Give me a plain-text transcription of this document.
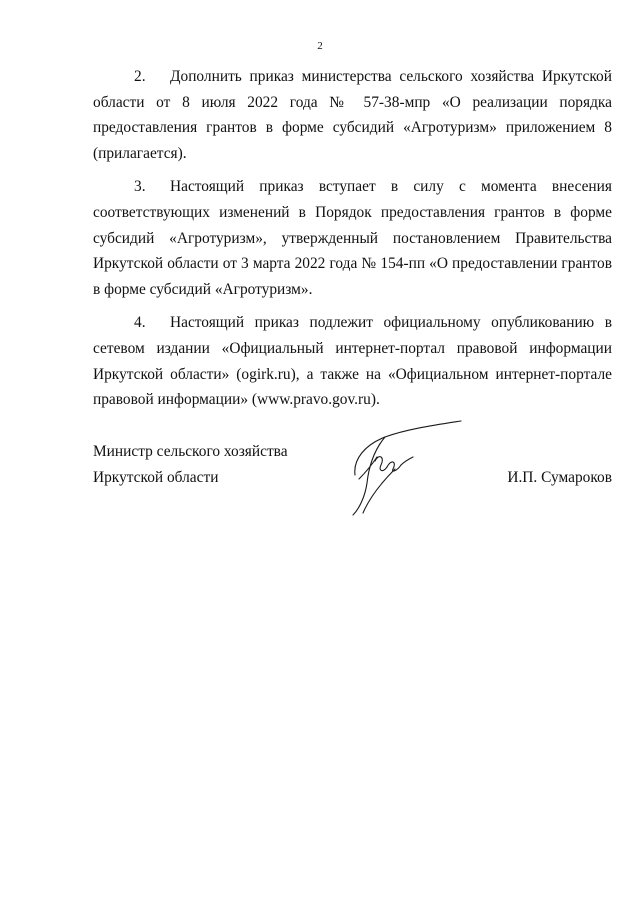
2

2. Дополнить приказ министерства сельского хозяйства Иркутской области от 8 июля 2022 года № 57-38-мпр «О реализации порядка предоставления грантов в форме субсидий «Агротуризм» приложением 8 (прилагается).

3. Настоящий приказ вступает в силу с момента внесения соответствующих изменений в Порядок предоставления грантов в форме субсидий «Агротуризм», утвержденный постановлением Правительства Иркутской области от 3 марта 2022 года № 154-пп «О предоставлении грантов в форме субсидий «Агротуризм».

4. Настоящий приказ подлежит официальному опубликованию в сетевом издании «Официальный интернет-портал правовой информации Иркутской области» (ogirk.ru), а также на «Официальном интернет-портале правовой информации» (www.pravo.gov.ru).

Министр сельского хозяйства
Иркутской области	И.П. Сумароков
